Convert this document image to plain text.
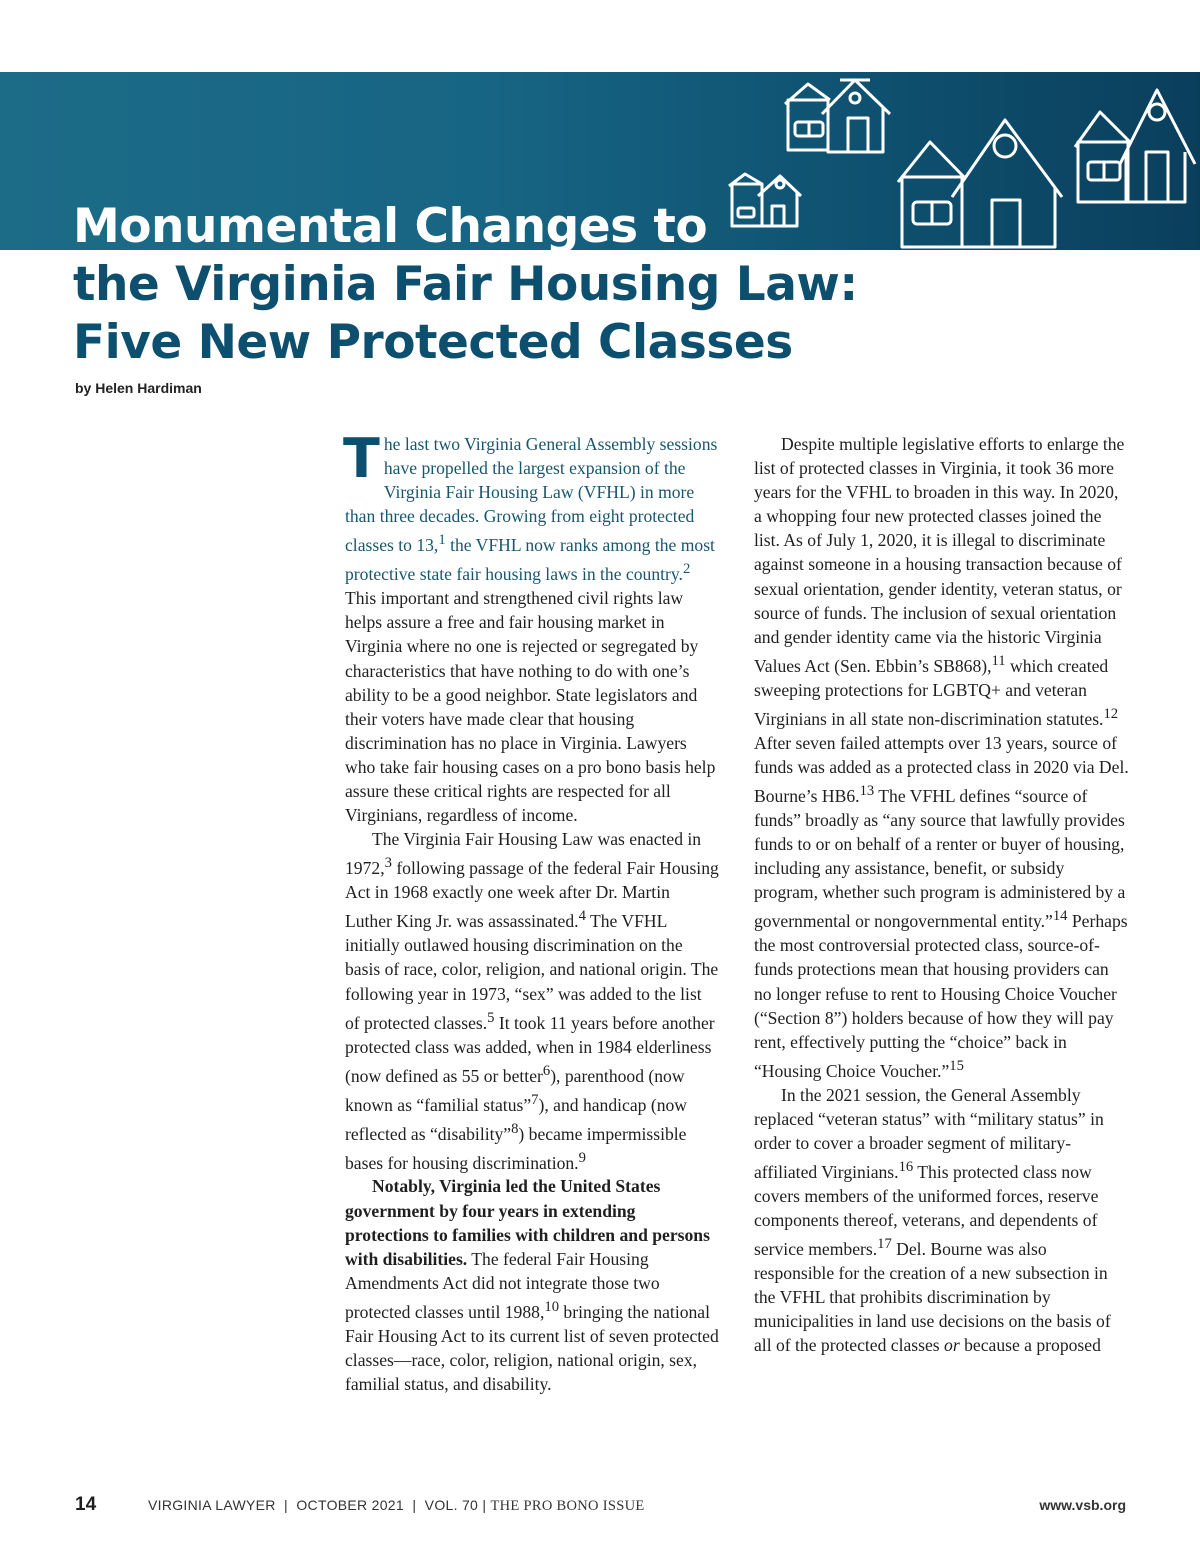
Monumental Changes to
the Virginia Fair Housing Law:
Five New Protected Classes
by Helen Hardiman

The last two Virginia General Assembly sessions have propelled the largest expansion of the Virginia Fair Housing Law (VFHL) in more than three decades. Growing from eight protected classes to 13,$^1$ the VFHL now ranks among the most protective state fair housing laws in the country.$^2$ This important and strengthened civil rights law helps assure a free and fair housing market in Virginia where no one is rejected or segregated by characteristics that have nothing to do with one’s ability to be a good neighbor. State legislators and their voters have made clear that housing discrimination has no place in Virginia. Lawyers who take fair housing cases on a pro bono basis help assure these critical rights are respected for all Virginians, regardless of income.

The Virginia Fair Housing Law was enacted in 1972,$^3$ following passage of the federal Fair Housing Act in 1968 exactly one week after Dr. Martin Luther King Jr. was assassinated.$^4$ The VFHL initially outlawed housing discrimination on the basis of race, color, religion, and national origin. The following year in 1973, “sex” was added to the list of protected classes.$^5$ It took 11 years before another protected class was added, when in 1984 elderliness (now defined as 55 or better$^6$), parenthood (now known as “familial status”$^7$), and handicap (now reflected as “disability”$^8$) became impermissible bases for housing discrimination.$^9$

Notably, Virginia led the United States government by four years in extending protections to families with children and persons with disabilities. The federal Fair Housing Amendments Act did not integrate those two protected classes until 1988,10 bringing the national Fair Housing Act to its current list of seven protected classes—race, color, religion, national origin, sex, familial status, and disability.

Despite multiple legislative efforts to enlarge the list of protected classes in Virginia, it took 36 more years for the VFHL to broaden in this way. In 2020, a whopping four new protected classes joined the list. As of July 1, 2020, it is illegal to discriminate against someone in a housing transaction because of sexual orientation, gender identity, veteran status, or source of funds. The inclusion of sexual orientation and gender identity came via the historic Virginia Values Act (Sen. Ebbin’s SB868),$^{11}$ which created sweeping protections for LGBTQ+ and veteran Virginians in all state non-discrimination statutes.$^{12}$ After seven failed attempts over 13 years, source of funds was added as a protected class in 2020 via Del. Bourne’s HB6.13 The VFHL defines “source of funds” broadly as “any source that lawfully provides funds to or on behalf of a renter or buyer of housing, including any assistance, benefit, or subsidy program, whether such program is administered by a governmental or nongovernmental entity.”$^{14}$ Perhaps the most controversial protected class, source-of-funds protections mean that housing providers can no longer refuse to rent to Housing Choice Voucher (“Section 8”) holders because of how they will pay rent, effectively putting the “choice” back in “Housing Choice Voucher.”$^{15}$

In the 2021 session, the General Assembly replaced “veteran status” with “military status” in order to cover a broader segment of military-affiliated Virginians.$^{16}$ This protected class now covers members of the uniformed forces, reserve components thereof, veterans, and dependents of service members.$^{17}$ Del. Bourne was also responsible for the creation of a new subsection in the VFHL that prohibits discrimination by municipalities in land use decisions on the basis of all of the protected classes or because a proposed

14	VIRGINIA LAWYER  |  OCTOBER 2021  |  VOL. 70 | THE PRO BONO ISSUE	www.vsb.org
